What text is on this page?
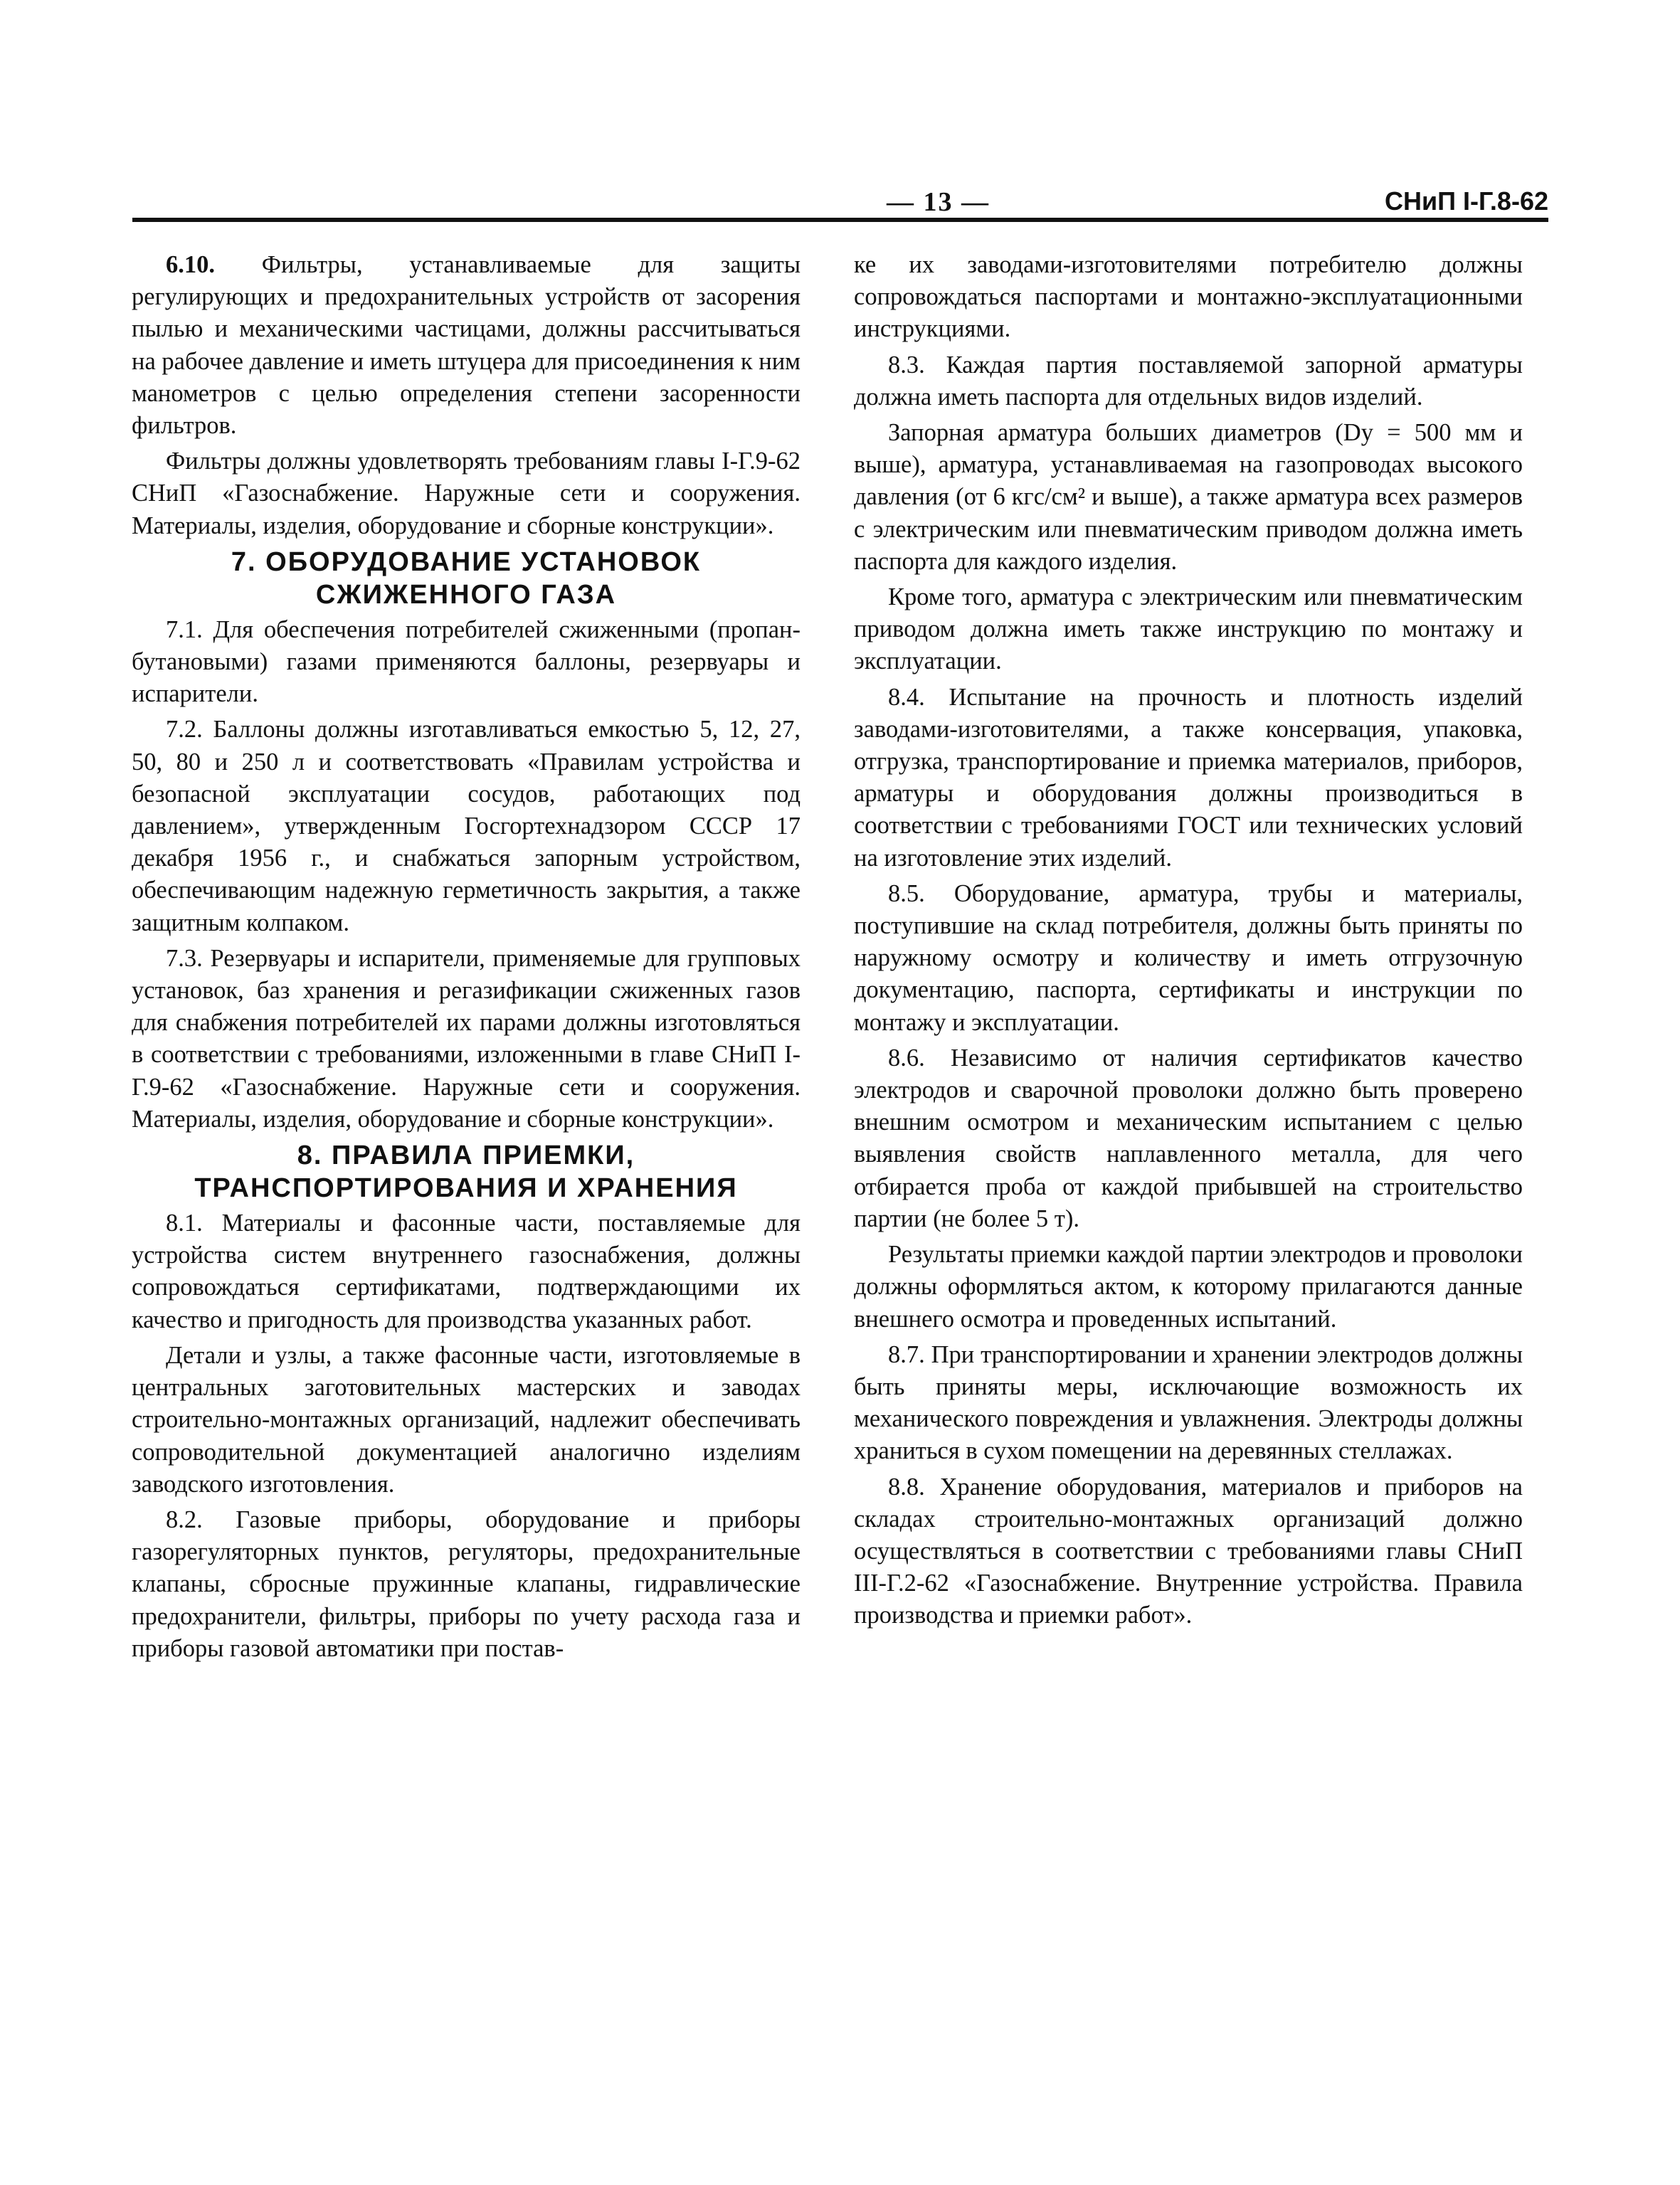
— 13 —	СНиП I-Г.8-62

6.10. Фильтры, устанавливаемые для защиты регулирующих и предохранительных устройств от засорения пылью и механическими частицами, должны рассчитываться на рабочее давление и иметь штуцера для присоединения к ним манометров с целью определения степени засоренности фильтров.

Фильтры должны удовлетворять требованиям главы I-Г.9-62 СНиП «Газоснабжение. Наружные сети и сооружения. Материалы, изделия, оборудование и сборные конструкции».

7. ОБОРУДОВАНИЕ УСТАНОВОК
СЖИЖЕННОГО ГАЗА

7.1. Для обеспечения потребителей сжиженными (пропан-бутановыми) газами применяются баллоны, резервуары и испарители.

7.2. Баллоны должны изготавливаться емкостью 5, 12, 27, 50, 80 и 250 л и соответствовать «Правилам устройства и безопасной эксплуатации сосудов, работающих под давлением», утвержденным Госгортехнадзором СССР 17 декабря 1956 г., и снабжаться запорным устройством, обеспечивающим надежную герметичность закрытия, а также защитным колпаком.

7.3. Резервуары и испарители, применяемые для групповых установок, баз хранения и регазификации сжиженных газов для снабжения потребителей их парами должны изготовляться в соответствии с требованиями, изложенными в главе СНиП I-Г.9-62 «Газоснабжение. Наружные сети и сооружения. Материалы, изделия, оборудование и сборные конструкции».

8. ПРАВИЛА ПРИЕМКИ,
ТРАНСПОРТИРОВАНИЯ И ХРАНЕНИЯ

8.1. Материалы и фасонные части, поставляемые для устройства систем внутреннего газоснабжения, должны сопровождаться сертификатами, подтверждающими их качество и пригодность для производства указанных работ.

Детали и узлы, а также фасонные части, изготовляемые в центральных заготовительных мастерских и заводах строительно-монтажных организаций, надлежит обеспечивать сопроводительной документацией аналогично изделиям заводского изготовления.

8.2. Газовые приборы, оборудование и приборы газорегуляторных пунктов, регуляторы, предохранительные клапаны, сбросные пружинные клапаны, гидравлические предохранители, фильтры, приборы по учету расхода газа и приборы газовой автоматики при постав-

ке их заводами-изготовителями потребителю должны сопровождаться паспортами и монтажно-эксплуатационными инструкциями.

8.3. Каждая партия поставляемой запорной арматуры должна иметь паспорта для отдельных видов изделий.

Запорная арматура больших диаметров (Dу = 500 мм и выше), арматура, устанавливаемая на газопроводах высокого давления (от 6 кгс/см² и выше), а также арматура всех размеров с электрическим или пневматическим приводом должна иметь паспорта для каждого изделия.

Кроме того, арматура с электрическим или пневматическим приводом должна иметь также инструкцию по монтажу и эксплуатации.

8.4. Испытание на прочность и плотность изделий заводами-изготовителями, а также консервация, упаковка, отгрузка, транспортирование и приемка материалов, приборов, арматуры и оборудования должны производиться в соответствии с требованиями ГОСТ или технических условий на изготовление этих изделий.

8.5. Оборудование, арматура, трубы и материалы, поступившие на склад потребителя, должны быть приняты по наружному осмотру и количеству и иметь отгрузочную документацию, паспорта, сертификаты и инструкции по монтажу и эксплуатации.

8.6. Независимо от наличия сертификатов качество электродов и сварочной проволоки должно быть проверено внешним осмотром и механическим испытанием с целью выявления свойств наплавленного металла, для чего отбирается проба от каждой прибывшей на строительство партии (не более 5 т).

Результаты приемки каждой партии электродов и проволоки должны оформляться актом, к которому прилагаются данные внешнего осмотра и проведенных испытаний.

8.7. При транспортировании и хранении электродов должны быть приняты меры, исключающие возможность их механического повреждения и увлажнения. Электроды должны храниться в сухом помещении на деревянных стеллажах.

8.8. Хранение оборудования, материалов и приборов на складах строительно-монтажных организаций должно осуществляться в соответствии с требованиями главы СНиП III-Г.2-62 «Газоснабжение. Внутренние устройства. Правила производства и приемки работ».
